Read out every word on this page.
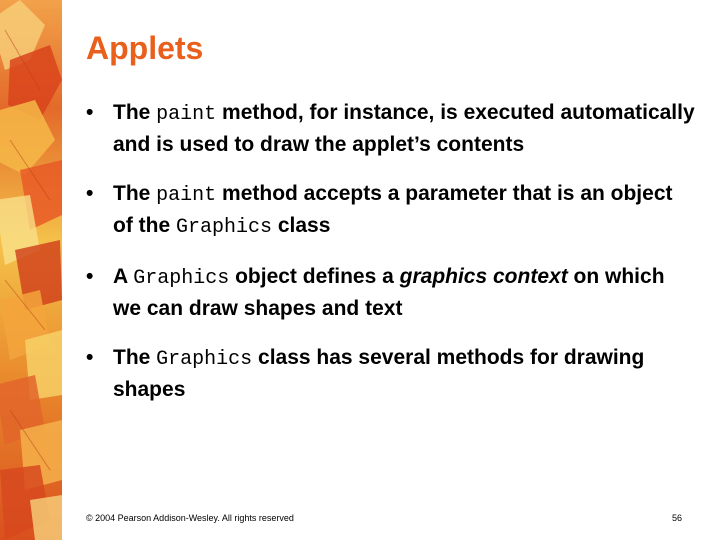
Applets
• The paint method, for instance, is executed automatically and is used to draw the applet’s contents
• The paint method accepts a parameter that is an object of the Graphics class
• A Graphics object defines a graphics context on which we can draw shapes and text
• The Graphics class has several methods for drawing shapes
© 2004 Pearson Addison-Wesley. All rights reserved	56
